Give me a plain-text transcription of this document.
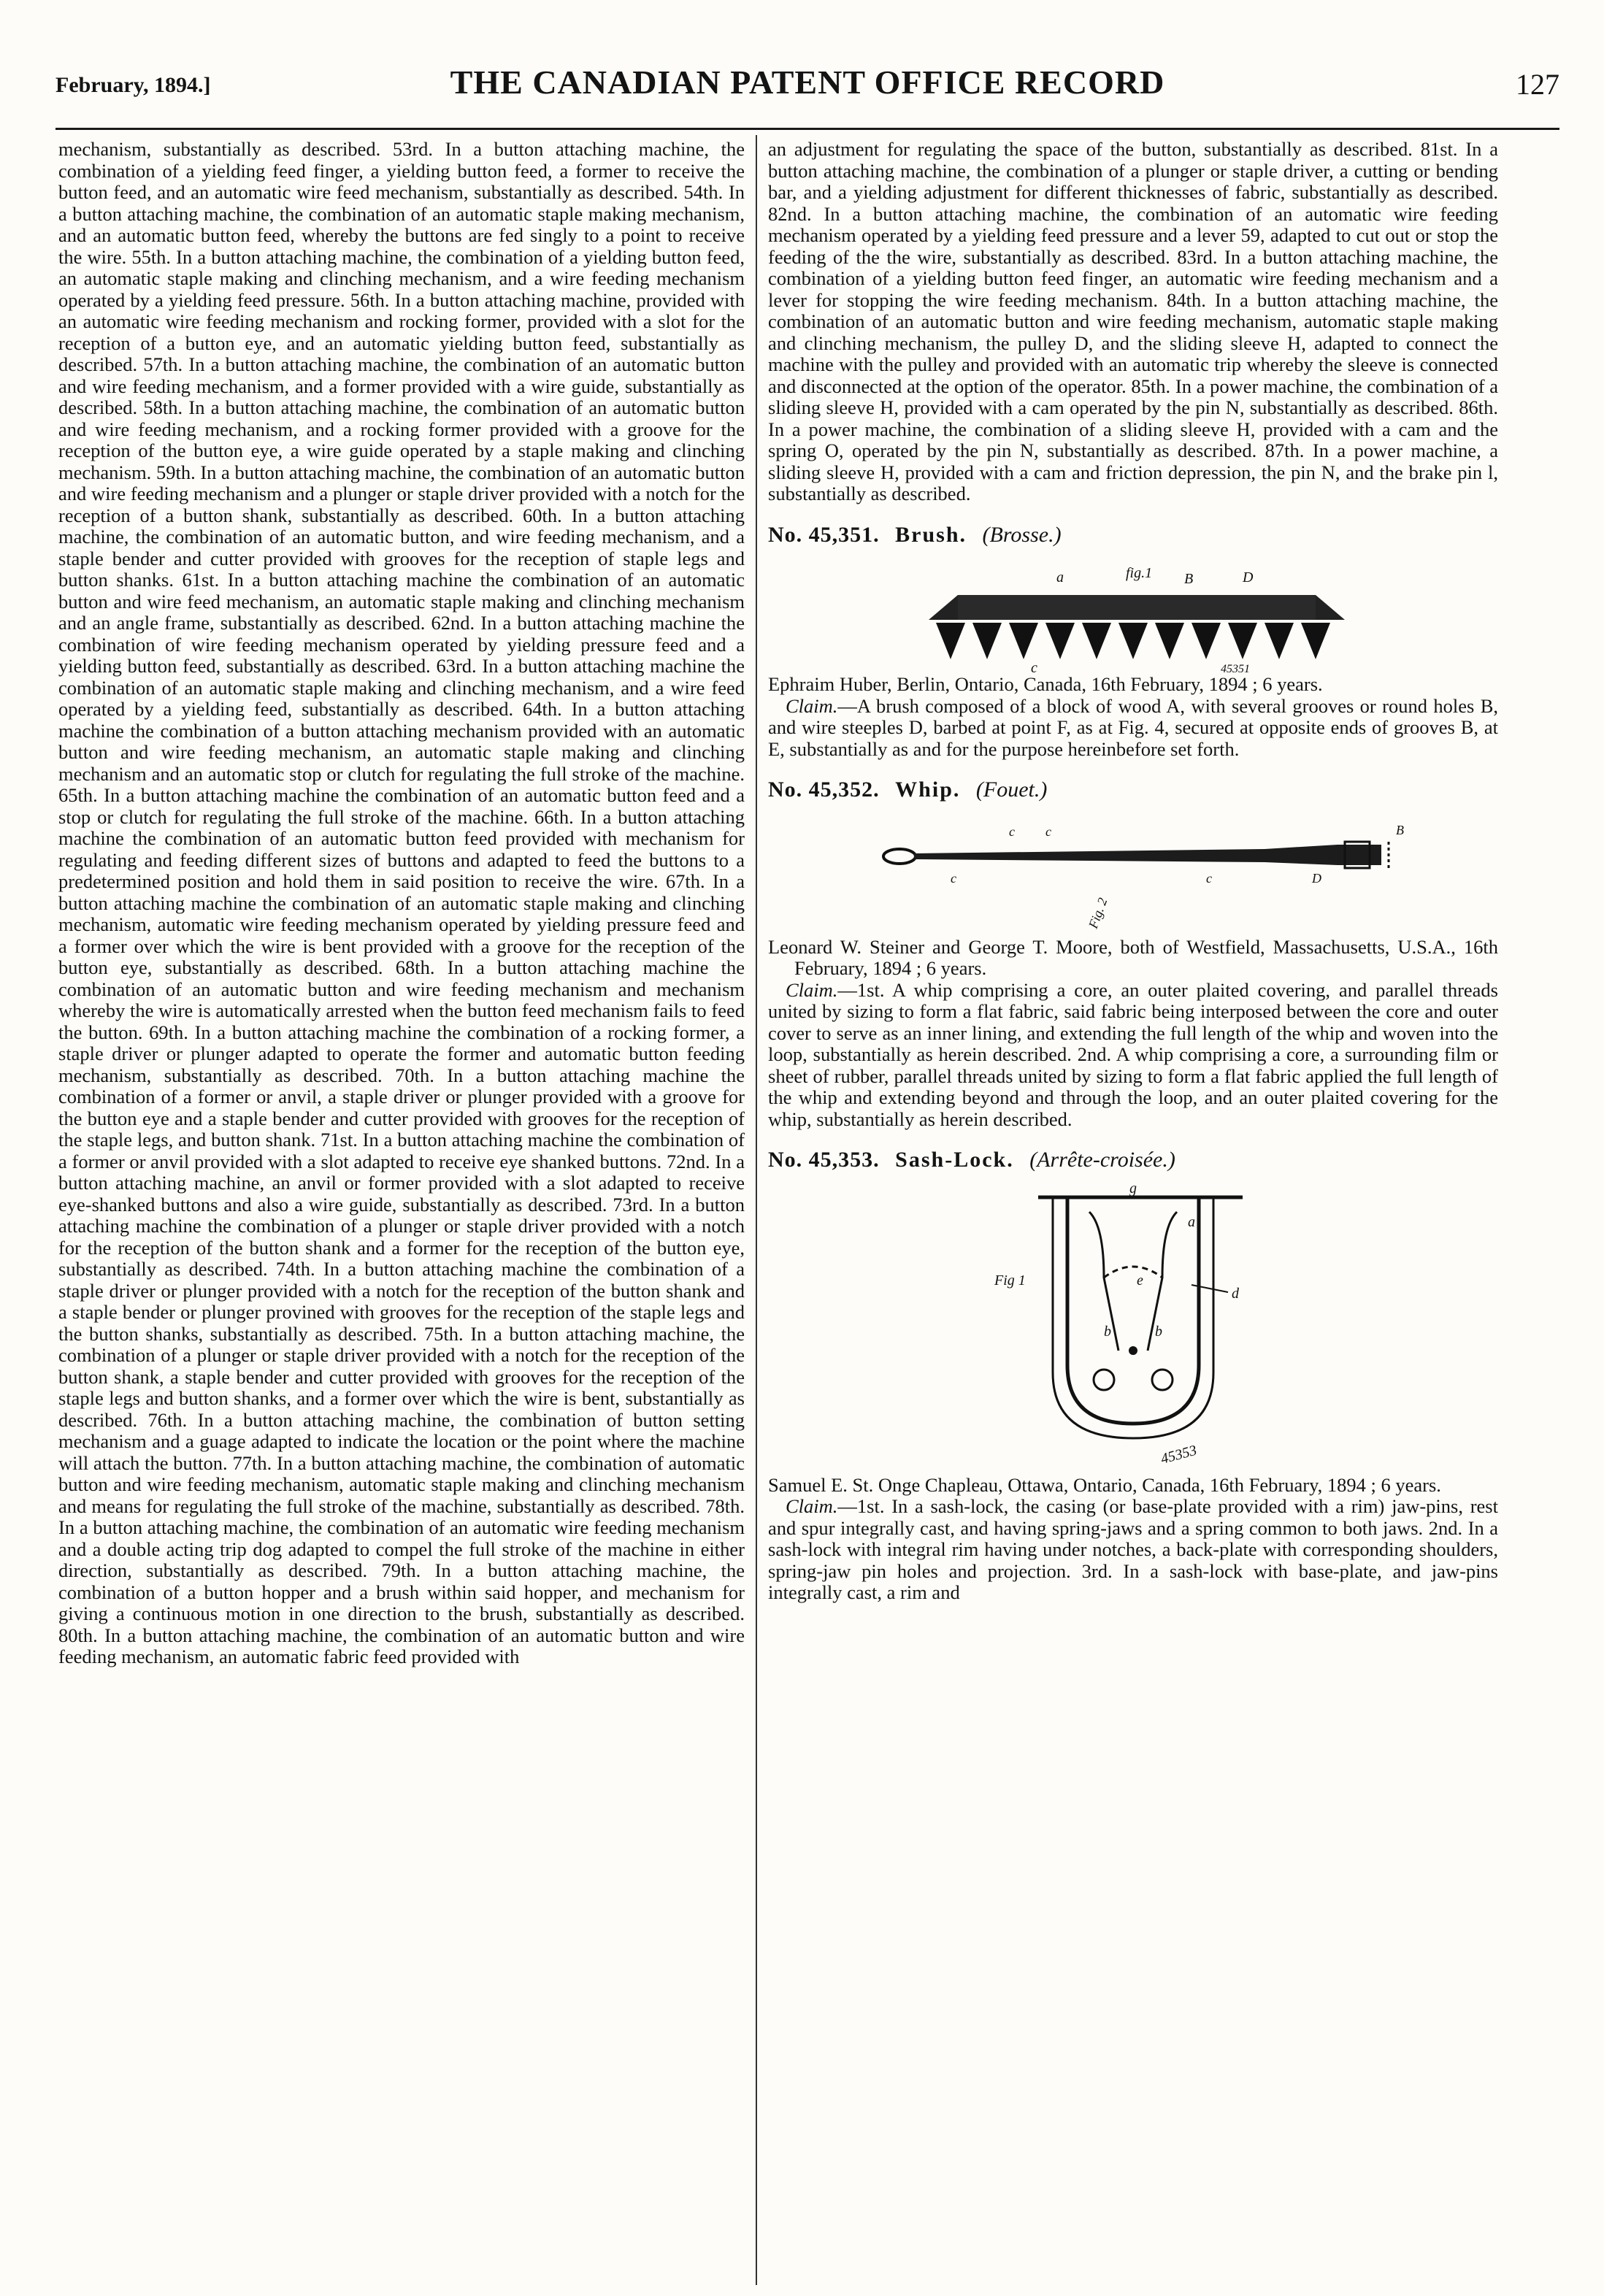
February, 1894.]	THE CANADIAN PATENT OFFICE RECORD	127

mechanism, substantially as described. 53rd. In a button attaching machine, the combination of a yielding feed finger, a yielding button feed, a former to receive the button feed, and an automatic wire feed mechanism, substantially as described. 54th. In a button attaching machine, the combination of an automatic staple making mechanism, and an automatic button feed, whereby the buttons are fed singly to a point to receive the wire. 55th. In a button attaching machine, the combination of a yielding button feed, an automatic staple making and clinching mechanism, and a wire feeding mechanism operated by a yielding feed pressure. 56th. In a button attaching machine, provided with an automatic wire feeding mechanism and rocking former, provided with a slot for the reception of a button eye, and an automatic yielding button feed, substantially as described. 57th. In a button attaching machine, the combination of an automatic button and wire feeding mechanism, and a former provided with a wire guide, substantially as described. 58th. In a button attaching machine, the combination of an automatic button and wire feeding mechanism, and a rocking former provided with a groove for the reception of the button eye, a wire guide operated by a staple making and clinching mechanism. 59th. In a button attaching machine, the combination of an automatic button and wire feeding mechanism and a plunger or staple driver provided with a notch for the reception of a button shank, substantially as described. 60th. In a button attaching machine, the combination of an automatic button, and wire feeding mechanism, and a staple bender and cutter provided with grooves for the reception of staple legs and button shanks. 61st. In a button attaching machine the combination of an automatic button and wire feed mechanism, an automatic staple making and clinching mechanism and an angle frame, substantially as described. 62nd. In a button attaching machine the combination of wire feeding mechanism operated by yielding pressure feed and a yielding button feed, substantially as described. 63rd. In a button attaching machine the combination of an automatic staple making and clinching mechanism, and a wire feed operated by a yielding feed, substantially as described. 64th. In a button attaching machine the combination of a button attaching mechanism provided with an automatic button and wire feeding mechanism, an automatic staple making and clinching mechanism and an automatic stop or clutch for regulating the full stroke of the machine. 65th. In a button attaching machine the combination of an automatic button feed and a stop or clutch for regulating the full stroke of the machine. 66th. In a button attaching machine the combination of an automatic button feed provided with mechanism for regulating and feeding different sizes of buttons and adapted to feed the buttons to a predetermined position and hold them in said position to receive the wire. 67th. In a button attaching machine the combination of an automatic staple making and clinching mechanism, automatic wire feeding mechanism operated by yielding pressure feed and a former over which the wire is bent provided with a groove for the reception of the button eye, substantially as described. 68th. In a button attaching machine the combination of an automatic button and wire feeding mechanism and mechanism whereby the wire is automatically arrested when the button feed mechanism fails to feed the button. 69th. In a button attaching machine the combination of a rocking former, a staple driver or plunger adapted to operate the former and automatic button feeding mechanism, substantially as described. 70th. In a button attaching machine the combination of a former or anvil, a staple driver or plunger provided with a groove for the button eye and a staple bender and cutter provided with grooves for the reception of the staple legs, and button shank. 71st. In a button attaching machine the combination of a former or anvil provided with a slot adapted to receive eye shanked buttons. 72nd. In a button attaching machine, an anvil or former provided with a slot adapted to receive eye-shanked buttons and also a wire guide, substantially as described. 73rd. In a button attaching machine the combination of a plunger or staple driver provided with a notch for the reception of the button shank and a former for the reception of the button eye, substantially as described. 74th. In a button attaching machine the combination of a staple driver or plunger provided with a notch for the reception of the button shank and a staple bender or plunger provined with grooves for the reception of the staple legs and the button shanks, substantially as described. 75th. In a button attaching machine, the combination of a plunger or staple driver provided with a notch for the reception of the button shank, a staple bender and cutter provided with grooves for the reception of the staple legs and button shanks, and a former over which the wire is bent, substantially as described. 76th. In a button attaching machine, the combination of button setting mechanism and a guage adapted to indicate the location or the point where the machine will attach the button. 77th. In a button attaching machine, the combination of automatic button and wire feeding mechanism, automatic staple making and clinching mechanism and means for regulating the full stroke of the machine, substantially as described. 78th. In a button attaching machine, the combination of an automatic wire feeding mechanism and a double acting trip dog adapted to compel the full stroke of the machine in either direction, substantially as described. 79th. In a button attaching machine, the combination of a button hopper and a brush within said hopper, and mechanism for giving a continuous motion in one direction to the brush, substantially as described. 80th. In a button attaching machine, the combination of an automatic button and wire feeding mechanism, an automatic fabric feed provided with

an adjustment for regulating the space of the button, substantially as described. 81st. In a button attaching machine, the combination of a plunger or staple driver, a cutting or bending bar, and a yielding adjustment for different thicknesses of fabric, substantially as described. 82nd. In a button attaching machine, the combination of an automatic wire feeding mechanism operated by a yielding feed pressure and a lever 59, adapted to cut out or stop the feeding of the the wire, substantially as described. 83rd. In a button attaching machine, the combination of a yielding button feed finger, an automatic wire feeding mechanism and a lever for stopping the wire feeding mechanism. 84th. In a button attaching machine, the combination of an automatic button and wire feeding mechanism, automatic staple making and clinching mechanism, the pulley D, and the sliding sleeve H, adapted to connect the machine with the pulley and provided with an automatic trip whereby the sleeve is connected and disconnected at the option of the operator. 85th. In a power machine, the combination of a sliding sleeve H, provided with a cam operated by the pin N, substantially as described. 86th. In a power machine, the combination of a sliding sleeve H, provided with a cam and the spring O, operated by the pin N, substantially as described. 87th. In a power machine, a sliding sleeve H, provided with a cam and friction depression, the pin N, and the brake pin l, substantially as described.

No. 45,351. Brush. (Brosse.)
fig.1
a	B	D
c	45351

Ephraim Huber, Berlin, Ontario, Canada, 16th February, 1894 ; 6 years.

Claim.—A brush composed of a block of wood A, with several grooves or round holes B, and wire steeples D, barbed at point F, as at Fig. 4, secured at opposite ends of grooves B, at E, substantially as and for the purpose hereinbefore set forth.

No. 45,352. Whip. (Fouet.)
c c
c	c	D
B
Fig. 2

Leonard W. Steiner and George T. Moore, both of Westfield, Massachusetts, U.S.A., 16th February, 1894 ; 6 years.

Claim.—1st. A whip comprising a core, an outer plaited covering, and parallel threads united by sizing to form a flat fabric, said fabric being interposed between the core and outer cover to serve as an inner lining, and extending the full length of the whip and woven into the loop, substantially as herein described. 2nd. A whip comprising a core, a surrounding film or sheet of rubber, parallel threads united by sizing to form a flat fabric applied the full length of the whip and extending beyond and through the loop, and an outer plaited covering for the whip, substantially as herein described.

No. 45,353. Sash-Lock. (Arrête-croisée.)
Fig 1
g
a
e
d
b	b
45353

Samuel E. St. Onge Chapleau, Ottawa, Ontario, Canada, 16th February, 1894 ; 6 years.

Claim.—1st. In a sash-lock, the casing (or base-plate provided with a rim) jaw-pins, rest and spur integrally cast, and having spring-jaws and a spring common to both jaws. 2nd. In a sash-lock with integral rim having under notches, a back-plate with corresponding shoulders, spring-jaw pin holes and projection. 3rd. In a sash-lock with base-plate, and jaw-pins integrally cast, a rim and
